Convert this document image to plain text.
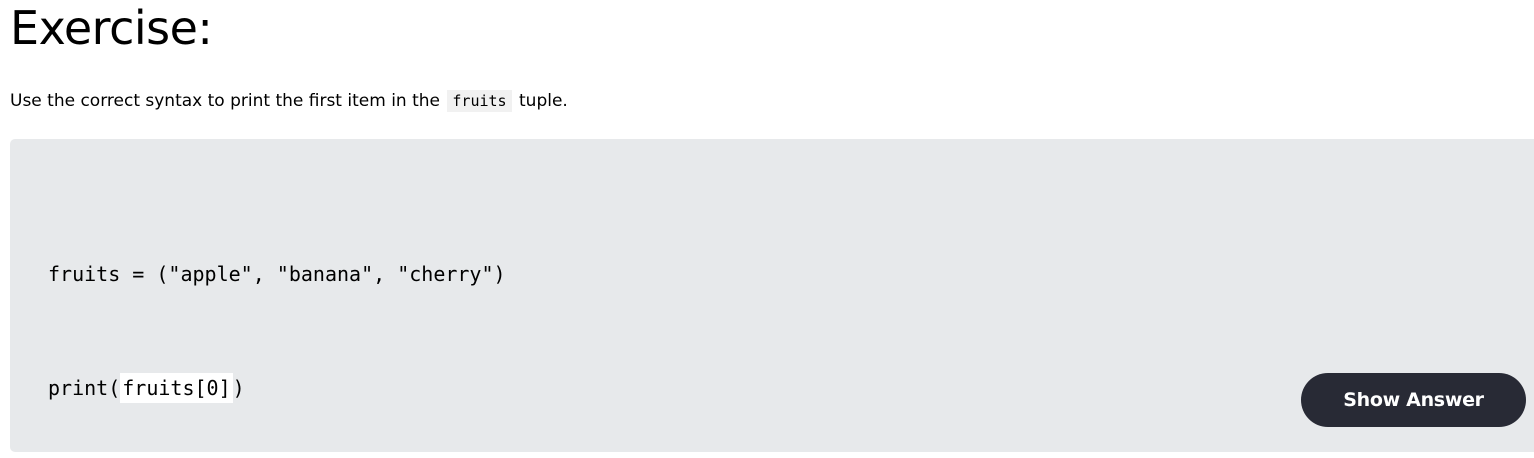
Exercise:

Use the correct syntax to print the first item in the fruits tuple.

fruits = ("apple", "banana", "cherry")

print( fruits[0] )

	Show Answer
